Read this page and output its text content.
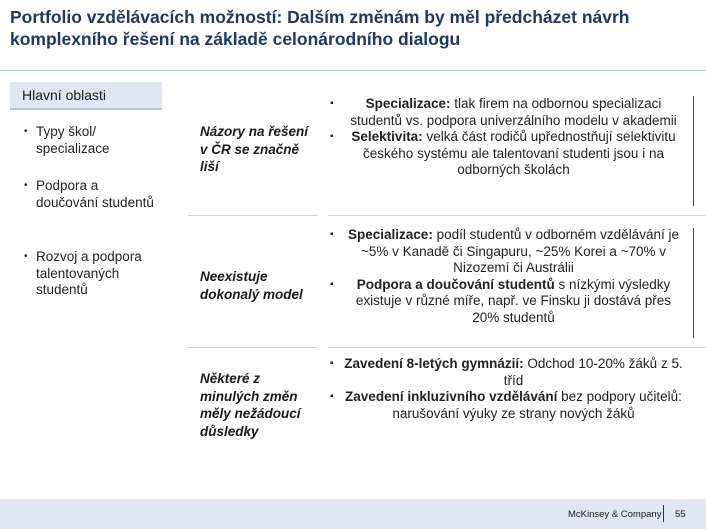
Portfolio vzdělávacích možností: Dalším změnám by měl předcházet návrh komplexního řešení na základě celonárodního dialogu
Hlavní oblasti
• Typy škol/ specializace
• Podpora a doučování studentů
• Rozvoj a podpora talentovaných studentů
Názory na řešení v ČR se značně liší
▪ Specializace: tlak firem na odbornou specializaci studentů vs. podpora univerzálního modelu v akademii
▪ Selektivita: velká část rodičů upřednostňují selektivitu českého systému ale talentovaní studenti jsou i na odborných školách
Neexistuje dokonalý model
▪ Specializace: podíl studentů v odborném vzdělávání je ~5% v Kanadě či Singapuru, ~25% Korei a ~70% v Nizozemí či Austrálii
▪ Podpora a doučování studentů s nízkými výsledky existuje v různé míře, např. ve Finsku ji dostává přes 20% studentů
Některé z minulých změn měly nežádoucí důsledky
▪ Zavedení 8-letých gymnázií: Odchod 10-20% žáků z 5. tříd
▪ Zavedení inkluzivního vzdělávání bez podpory učitelů: narušování výuky ze strany nových žáků
McKinsey & Company 55
